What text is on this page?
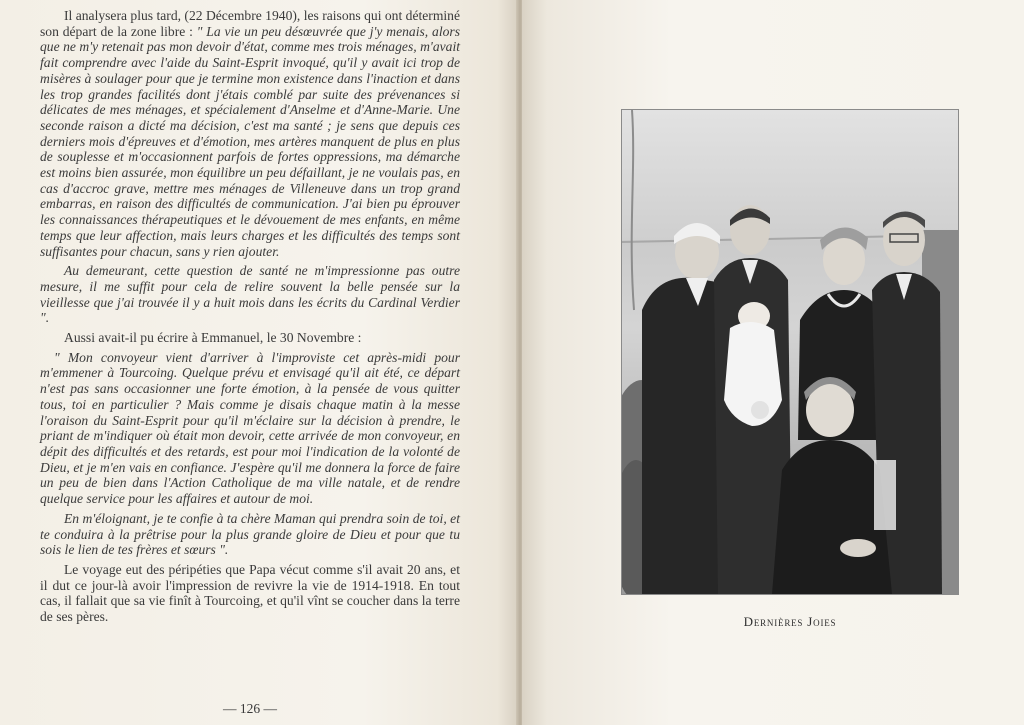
Il analysera plus tard, (22 Décembre 1940), les raisons qui ont déterminé son départ de la zone libre : " La vie un peu désœuvrée que j'y menais, alors que ne m'y retenait pas mon devoir d'état, comme mes trois ménages, m'avait fait comprendre avec l'aide du Saint-Esprit invoqué, qu'il y avait ici trop de misères à soulager pour que je termine mon existence dans l'inaction et dans les trop grandes facilités dont j'étais comblé par suite des prévenances si délicates de mes ménages, et spécialement d'Anselme et d'Anne-Marie. Une seconde raison a dicté ma décision, c'est ma santé ; je sens que depuis ces derniers mois d'épreuves et d'émotion, mes artères manquent de plus en plus de souplesse et m'occasionnent parfois de fortes oppressions, ma démarche est moins bien assurée, mon équilibre un peu défaillant, je ne voulais pas, en cas d'accroc grave, mettre mes ménages de Villeneuve dans un trop grand embarras, en raison des difficultés de communication. J'ai bien pu éprouver les connaissances thérapeutiques et le dévouement de mes enfants, en même temps que leur affection, mais leurs charges et les difficultés des temps sont suffisantes pour chacun, sans y rien ajouter.

Au demeurant, cette question de santé ne m'impressionne pas outre mesure, il me suffit pour cela de relire souvent la belle pensée sur la vieillesse que j'ai trouvée il y a huit mois dans les écrits du Cardinal Verdier ".

Aussi avait-il pu écrire à Emmanuel, le 30 Novembre :

" Mon convoyeur vient d'arriver à l'improviste cet après-midi pour m'emmener à Tourcoing. Quelque prévu et envisagé qu'il ait été, ce départ n'est pas sans occasionner une forte émotion, à la pensée de vous quitter tous, toi en particulier ? Mais comme je disais chaque matin à la messe l'oraison du Saint-Esprit pour qu'il m'éclaire sur la décision à prendre, le priant de m'indiquer où était mon devoir, cette arrivée de mon convoyeur, en dépit des difficultés et des retards, est pour moi l'indication de la volonté de Dieu, et je m'en vais en confiance. J'espère qu'il me donnera la force de faire un peu de bien dans l'Action Catholique de ma ville natale, et de rendre quelque service pour les affaires et autour de moi.

En m'éloignant, je te confie à ta chère Maman qui prendra soin de toi, et te conduira à la prêtrise pour la plus grande gloire de Dieu et pour que tu sois le lien de tes frères et sœurs ".

Le voyage eut des péripéties que Papa vécut comme s'il avait 20 ans, et il dut ce jour-là avoir l'impression de revivre la vie de 1914-1918. En tout cas, il fallait que sa vie finît à Tourcoing, et qu'il vînt se coucher dans la terre de ses pères.

— 126 —
Dernières Joies
